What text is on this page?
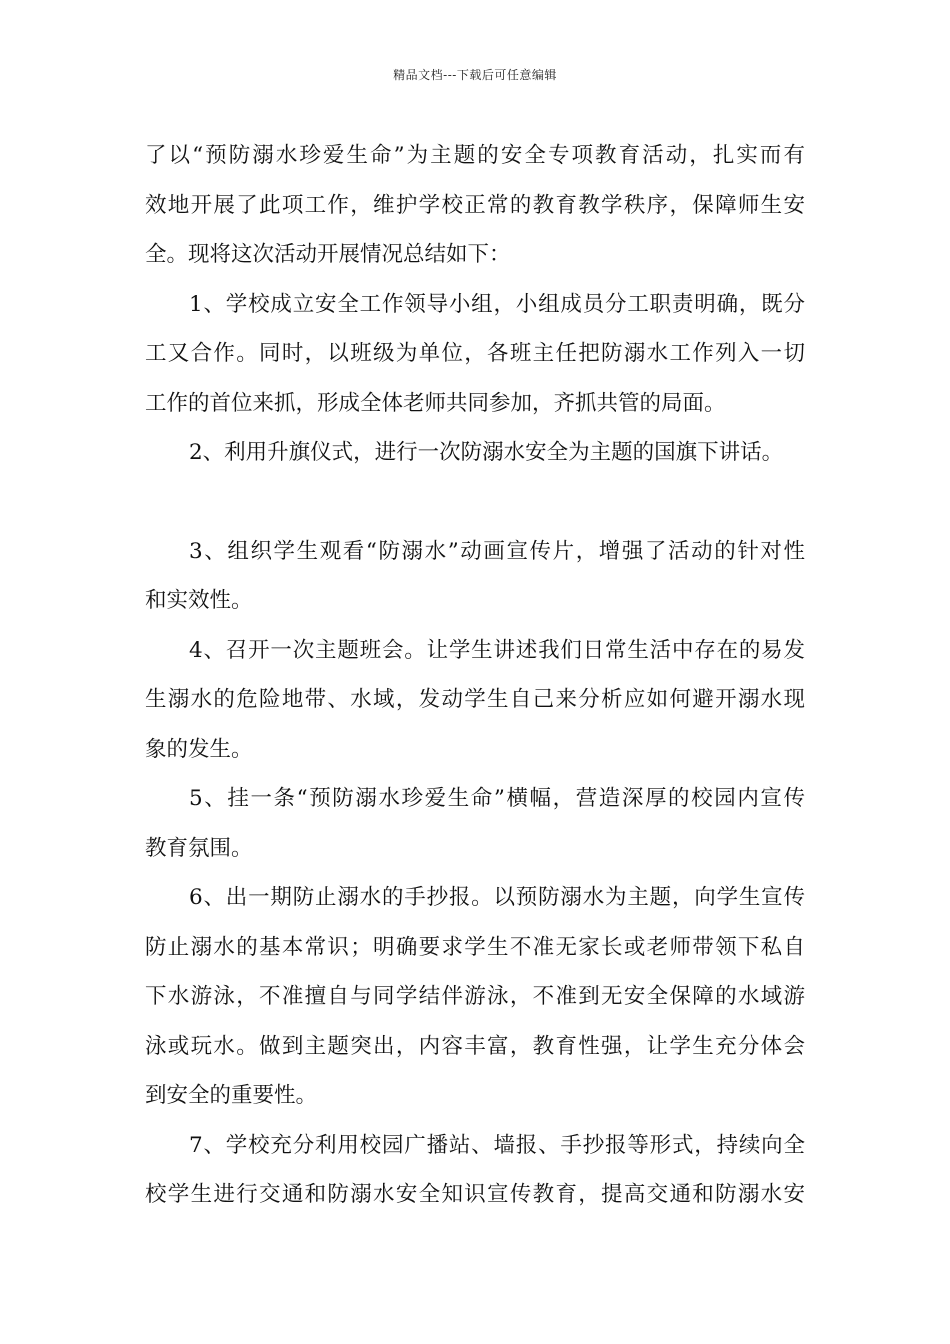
精品文档---下载后可任意编辑

了以“预防溺水珍爱生命”为主题的安全专项教育活动，扎实而有
效地开展了此项工作，维护学校正常的教育教学秩序，保障师生安
全。现将这次活动开展情况总结如下：

1、学校成立安全工作领导小组，小组成员分工职责明确，既分
工又合作。同时，以班级为单位，各班主任把防溺水工作列入一切
工作的首位来抓，形成全体老师共同参加，齐抓共管的局面。

2、利用升旗仪式，进行一次防溺水安全为主题的国旗下讲话。

3、组织学生观看“防溺水”动画宣传片，增强了活动的针对性
和实效性。

4、召开一次主题班会。让学生讲述我们日常生活中存在的易发
生溺水的危险地带、水域，发动学生自己来分析应如何避开溺水现
象的发生。

5、挂一条“预防溺水珍爱生命”横幅，营造深厚的校园内宣传
教育氛围。

6、出一期防止溺水的手抄报。以预防溺水为主题，向学生宣传
防止溺水的基本常识；明确要求学生不准无家长或老师带领下私自
下水游泳，不准擅自与同学结伴游泳，不准到无安全保障的水域游
泳或玩水。做到主题突出，内容丰富，教育性强，让学生充分体会
到安全的重要性。

7、学校充分利用校园广播站、墙报、手抄报等形式，持续向全
校学生进行交通和防溺水安全知识宣传教育，提高交通和防溺水安
